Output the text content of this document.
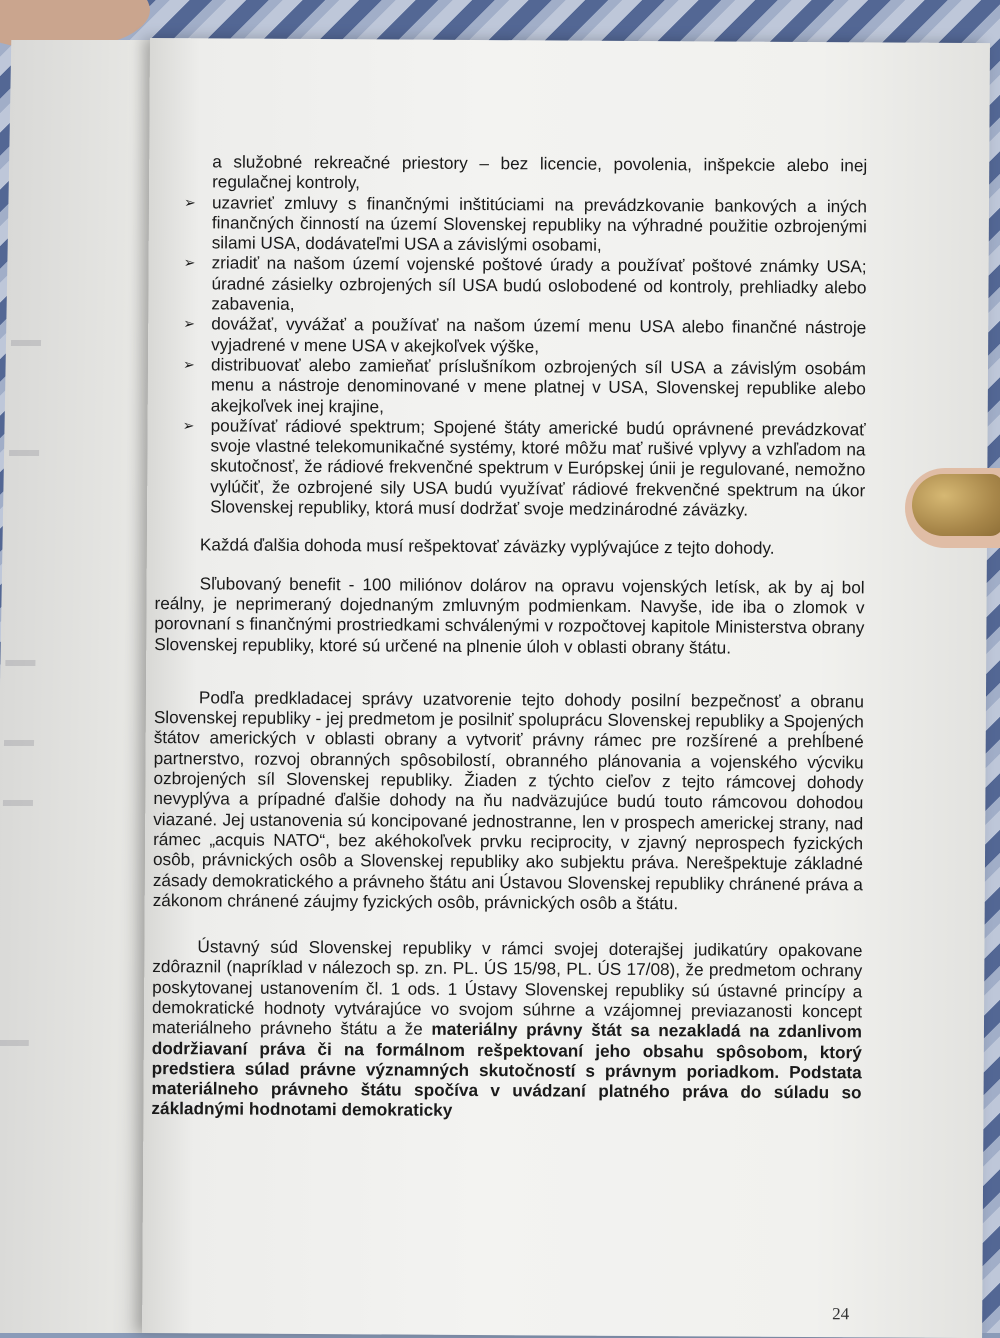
a služobné rekreačné priestory – bez licencie, povolenia, inšpekcie alebo inej regulačnej kontroly,

➢ uzavrieť zmluvy s finančnými inštitúciami na prevádzkovanie bankových a iných finančných činností na území Slovenskej republiky na výhradné použitie ozbrojenými silami USA, dodávateľmi USA a závislými osobami,
➢ zriadiť na našom území vojenské poštové úrady a používať poštové známky USA; úradné zásielky ozbrojených síl USA budú oslobodené od kontroly, prehliadky alebo zabavenia,
➢ dovážať, vyvážať a používať na našom území menu USA alebo finančné nástroje vyjadrené v mene USA v akejkoľvek výške,
➢ distribuovať alebo zamieňať príslušníkom ozbrojených síl USA a závislým osobám menu a nástroje denominované v mene platnej v USA, Slovenskej republike alebo akejkoľvek inej krajine,
➢ používať rádiové spektrum; Spojené štáty americké budú oprávnené prevádzkovať svoje vlastné telekomunikačné systémy, ktoré môžu mať rušivé vplyvy a vzhľadom na skutočnosť, že rádiové frekvenčné spektrum v Európskej únii je regulované, nemožno vylúčiť, že ozbrojené sily USA budú využívať rádiové frekvenčné spektrum na úkor Slovenskej republiky, ktorá musí dodržať svoje medzinárodné záväzky.

Každá ďalšia dohoda musí rešpektovať záväzky vyplývajúce z tejto dohody.

Sľubovaný benefit - 100 miliónov dolárov na opravu vojenských letísk, ak by aj bol reálny, je neprimeraný dojednaným zmluvným podmienkam. Navyše, ide iba o zlomok v porovnaní s finančnými prostriedkami schválenými v rozpočtovej kapitole Ministerstva obrany Slovenskej republiky, ktoré sú určené na plnenie úloh v oblasti obrany štátu.

Podľa predkladacej správy uzatvorenie tejto dohody posilní bezpečnosť a obranu Slovenskej republiky - jej predmetom je posilniť spoluprácu Slovenskej republiky a Spojených štátov amerických v oblasti obrany a vytvoriť právny rámec pre rozšírené a prehĺbené partnerstvo, rozvoj obranných spôsobilostí, obranného plánovania a vojenského výcviku ozbrojených síl Slovenskej republiky. Žiaden z týchto cieľov z tejto rámcovej dohody nevyplýva a prípadné ďalšie dohody na ňu nadväzujúce budú touto rámcovou dohodou viazané. Jej ustanovenia sú koncipované jednostranne, len v prospech americkej strany, nad rámec „acquis NATO“, bez akéhokoľvek prvku reciprocity, v zjavný neprospech fyzických osôb, právnických osôb a Slovenskej republiky ako subjektu práva. Nerešpektuje základné zásady demokratického a právneho štátu ani Ústavou Slovenskej republiky chránené práva a zákonom chránené záujmy fyzických osôb, právnických osôb a štátu.

Ústavný súd Slovenskej republiky v rámci svojej doterajšej judikatúry opakovane zdôraznil (napríklad v nálezoch sp. zn. PL. ÚS 15/98, PL. ÚS 17/08), že predmetom ochrany poskytovanej ustanovením čl. 1 ods. 1 Ústavy Slovenskej republiky sú ústavné princípy a demokratické hodnoty vytvárajúce vo svojom súhrne a vzájomnej previazanosti koncept materiálneho právneho štátu a že materiálny právny štát sa nezakladá na zdanlivom dodržiavaní práva či na formálnom rešpektovaní jeho obsahu spôsobom, ktorý predstiera súlad právne významných skutočností s právnym poriadkom. Podstata materiálneho právneho štátu spočíva v uvádzaní platného práva do súladu so základnými hodnotami demokraticky

24
